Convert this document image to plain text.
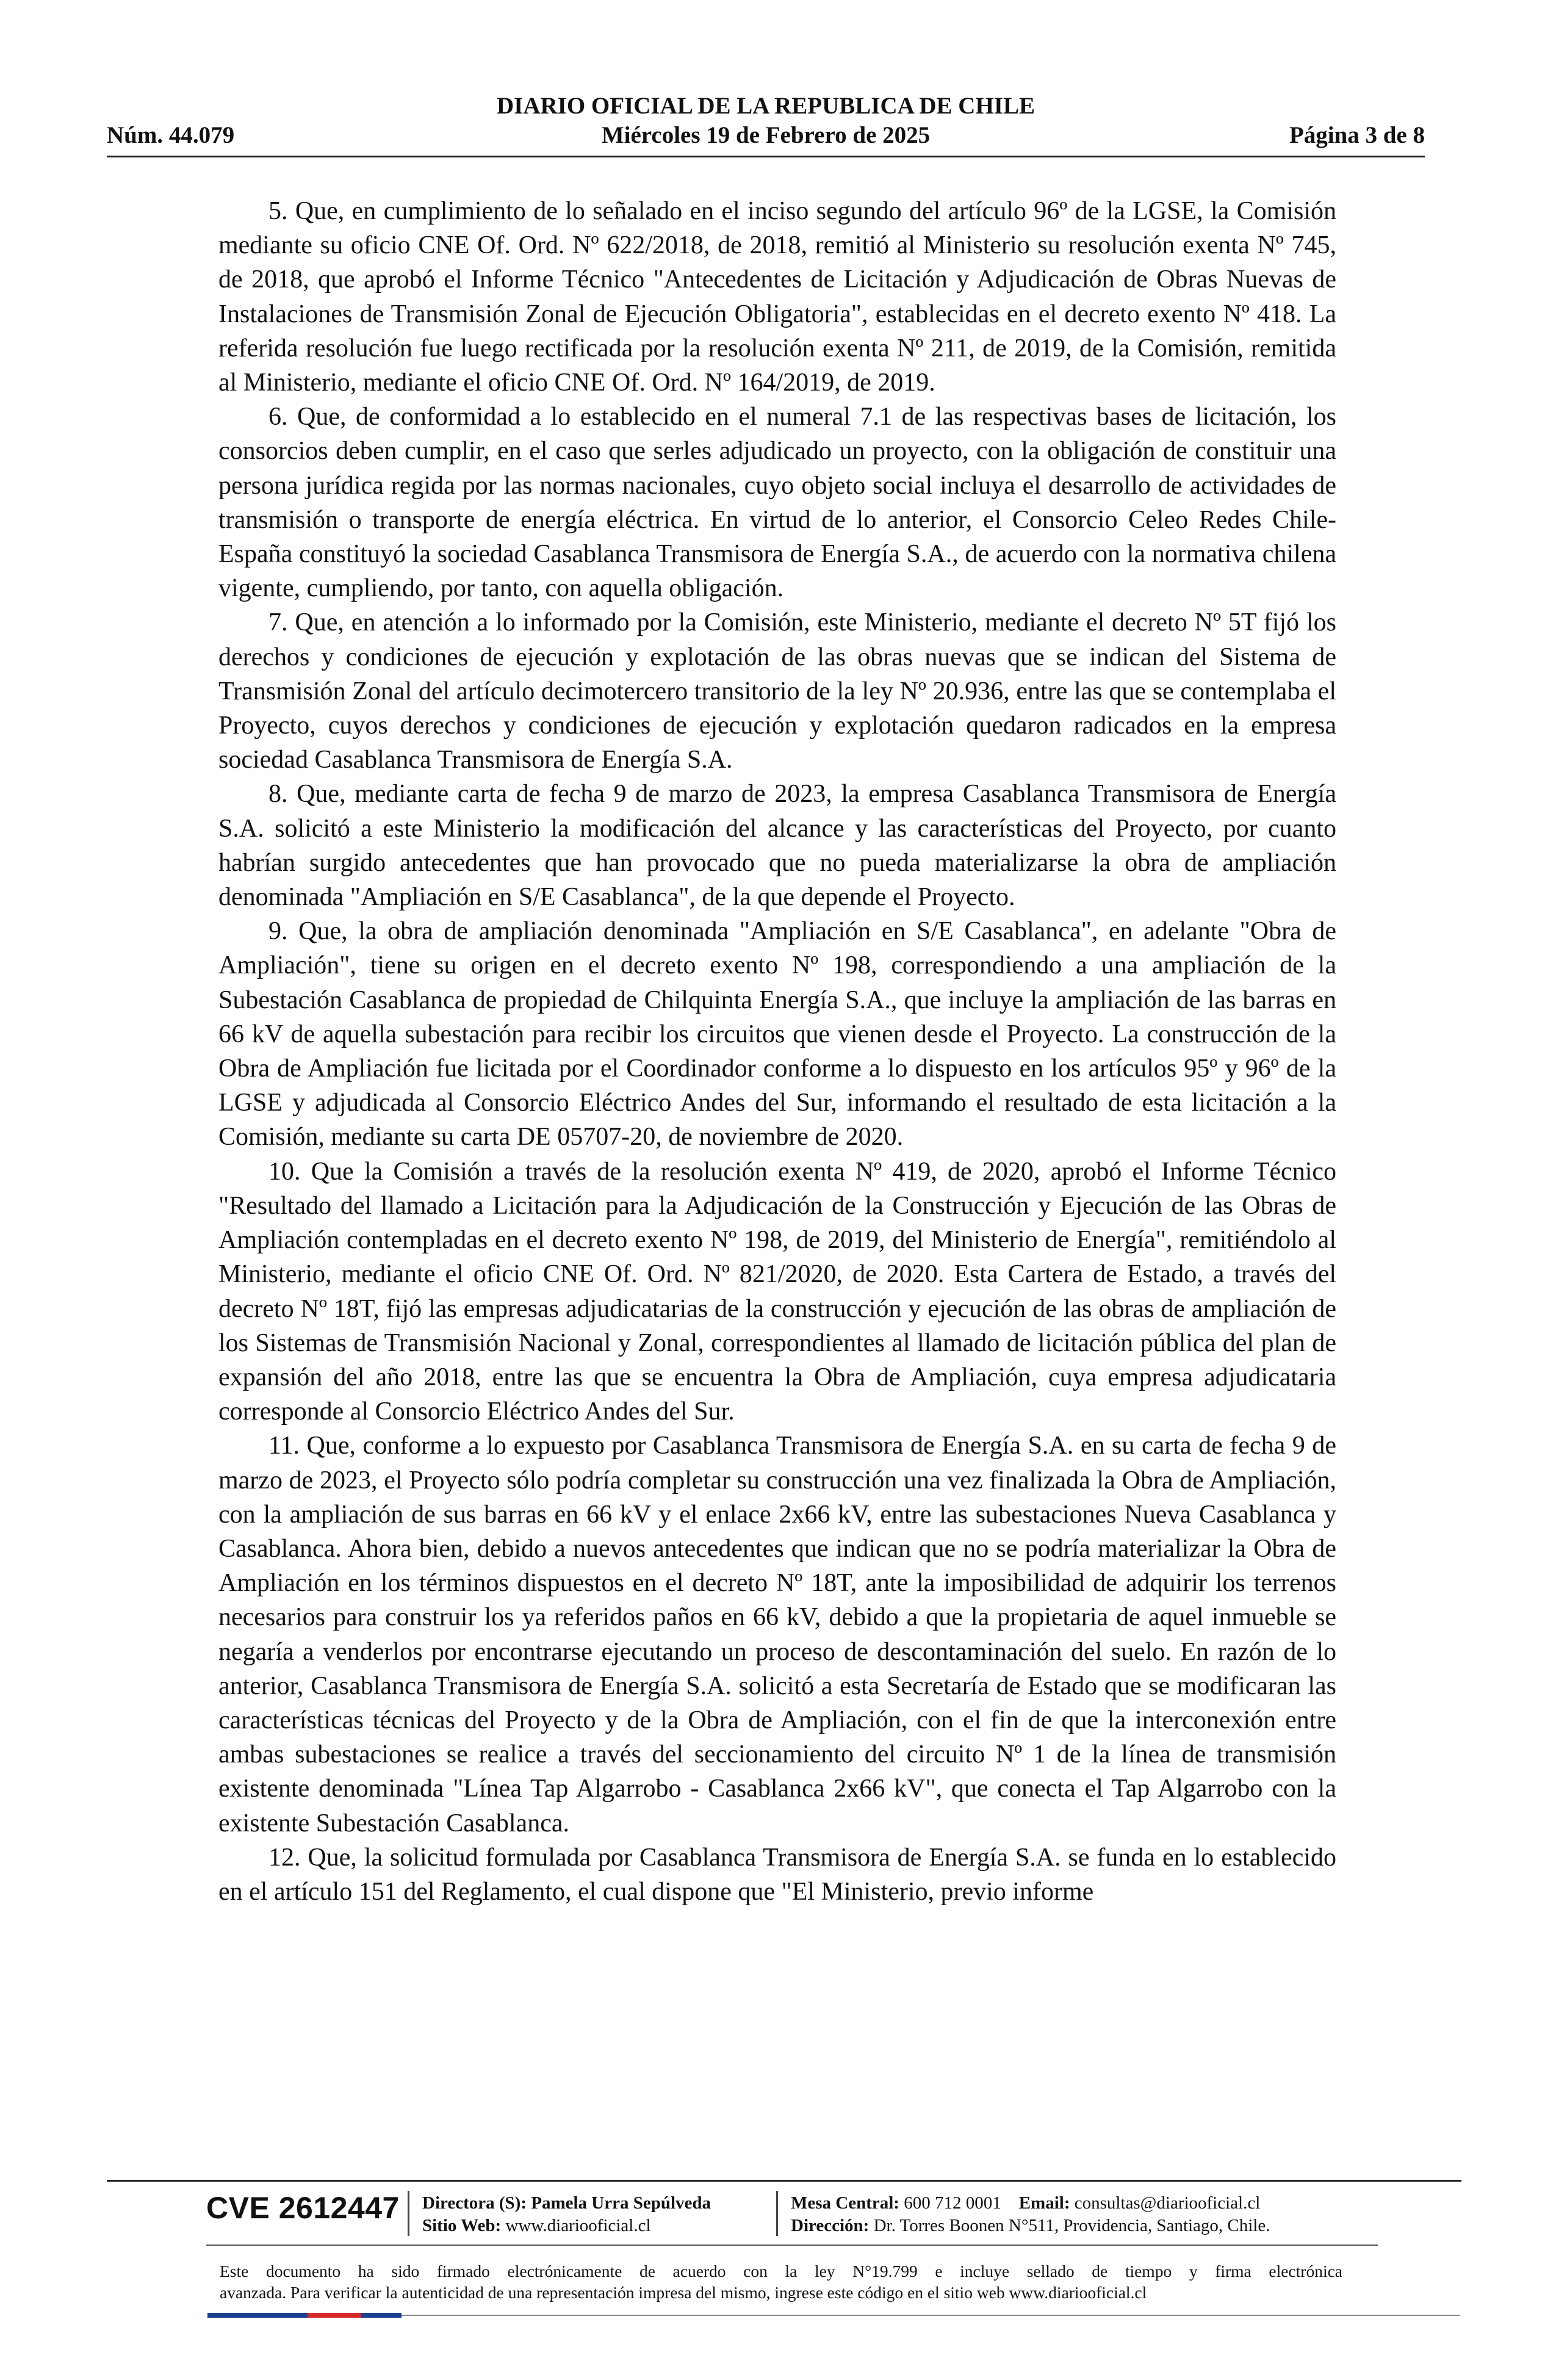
DIARIO OFICIAL DE LA REPUBLICA DE CHILE
Núm. 44.079	Miércoles 19 de Febrero de 2025	Página 3 de 8

5. Que, en cumplimiento de lo señalado en el inciso segundo del artículo 96º de la LGSE, la Comisión mediante su oficio CNE Of. Ord. Nº 622/2018, de 2018, remitió al Ministerio su resolución exenta Nº 745, de 2018, que aprobó el Informe Técnico "Antecedentes de Licitación y Adjudicación de Obras Nuevas de Instalaciones de Transmisión Zonal de Ejecución Obligatoria", establecidas en el decreto exento Nº 418. La referida resolución fue luego rectificada por la resolución exenta Nº 211, de 2019, de la Comisión, remitida al Ministerio, mediante el oficio CNE Of. Ord. Nº 164/2019, de 2019.

6. Que, de conformidad a lo establecido en el numeral 7.1 de las respectivas bases de licitación, los consorcios deben cumplir, en el caso que serles adjudicado un proyecto, con la obligación de constituir una persona jurídica regida por las normas nacionales, cuyo objeto social incluya el desarrollo de actividades de transmisión o transporte de energía eléctrica. En virtud de lo anterior, el Consorcio Celeo Redes Chile-España constituyó la sociedad Casablanca Transmisora de Energía S.A., de acuerdo con la normativa chilena vigente, cumpliendo, por tanto, con aquella obligación.

7. Que, en atención a lo informado por la Comisión, este Ministerio, mediante el decreto Nº 5T fijó los derechos y condiciones de ejecución y explotación de las obras nuevas que se indican del Sistema de Transmisión Zonal del artículo decimotercero transitorio de la ley Nº 20.936, entre las que se contemplaba el Proyecto, cuyos derechos y condiciones de ejecución y explotación quedaron radicados en la empresa sociedad Casablanca Transmisora de Energía S.A.

8. Que, mediante carta de fecha 9 de marzo de 2023, la empresa Casablanca Transmisora de Energía S.A. solicitó a este Ministerio la modificación del alcance y las características del Proyecto, por cuanto habrían surgido antecedentes que han provocado que no pueda materializarse la obra de ampliación denominada "Ampliación en S/E Casablanca", de la que depende el Proyecto.

9. Que, la obra de ampliación denominada "Ampliación en S/E Casablanca", en adelante "Obra de Ampliación", tiene su origen en el decreto exento Nº 198, correspondiendo a una ampliación de la Subestación Casablanca de propiedad de Chilquinta Energía S.A., que incluye la ampliación de las barras en 66 kV de aquella subestación para recibir los circuitos que vienen desde el Proyecto. La construcción de la Obra de Ampliación fue licitada por el Coordinador conforme a lo dispuesto en los artículos 95º y 96º de la LGSE y adjudicada al Consorcio Eléctrico Andes del Sur, informando el resultado de esta licitación a la Comisión, mediante su carta DE 05707-20, de noviembre de 2020.

10. Que la Comisión a través de la resolución exenta Nº 419, de 2020, aprobó el Informe Técnico "Resultado del llamado a Licitación para la Adjudicación de la Construcción y Ejecución de las Obras de Ampliación contempladas en el decreto exento Nº 198, de 2019, del Ministerio de Energía", remitiéndolo al Ministerio, mediante el oficio CNE Of. Ord. Nº 821/2020, de 2020. Esta Cartera de Estado, a través del decreto Nº 18T, fijó las empresas adjudicatarias de la construcción y ejecución de las obras de ampliación de los Sistemas de Transmisión Nacional y Zonal, correspondientes al llamado de licitación pública del plan de expansión del año 2018, entre las que se encuentra la Obra de Ampliación, cuya empresa adjudicataria corresponde al Consorcio Eléctrico Andes del Sur.

11. Que, conforme a lo expuesto por Casablanca Transmisora de Energía S.A. en su carta de fecha 9 de marzo de 2023, el Proyecto sólo podría completar su construcción una vez finalizada la Obra de Ampliación, con la ampliación de sus barras en 66 kV y el enlace 2x66 kV, entre las subestaciones Nueva Casablanca y Casablanca. Ahora bien, debido a nuevos antecedentes que indican que no se podría materializar la Obra de Ampliación en los términos dispuestos en el decreto Nº 18T, ante la imposibilidad de adquirir los terrenos necesarios para construir los ya referidos paños en 66 kV, debido a que la propietaria de aquel inmueble se negaría a venderlos por encontrarse ejecutando un proceso de descontaminación del suelo. En razón de lo anterior, Casablanca Transmisora de Energía S.A. solicitó a esta Secretaría de Estado que se modificaran las características técnicas del Proyecto y de la Obra de Ampliación, con el fin de que la interconexión entre ambas subestaciones se realice a través del seccionamiento del circuito Nº 1 de la línea de transmisión existente denominada "Línea Tap Algarrobo - Casablanca 2x66 kV", que conecta el Tap Algarrobo con la existente Subestación Casablanca.

12. Que, la solicitud formulada por Casablanca Transmisora de Energía S.A. se funda en lo establecido en el artículo 151 del Reglamento, el cual dispone que "El Ministerio, previo informe

CVE 2612447 Directora (S): Pamela Urra Sepúlveda
Sitio Web: www.diariooficial.cl
Mesa Central: 600 712 0001 Email: consultas@diariooficial.cl
Dirección: Dr. Torres Boonen N°511, Providencia, Santiago, Chile.
Este documento ha sido firmado electrónicamente de acuerdo con la ley N°19.799 e incluye sellado de tiempo y firma electrónica
avanzada. Para verificar la autenticidad de una representación impresa del mismo, ingrese este código en el sitio web www.diariooficial.cl
